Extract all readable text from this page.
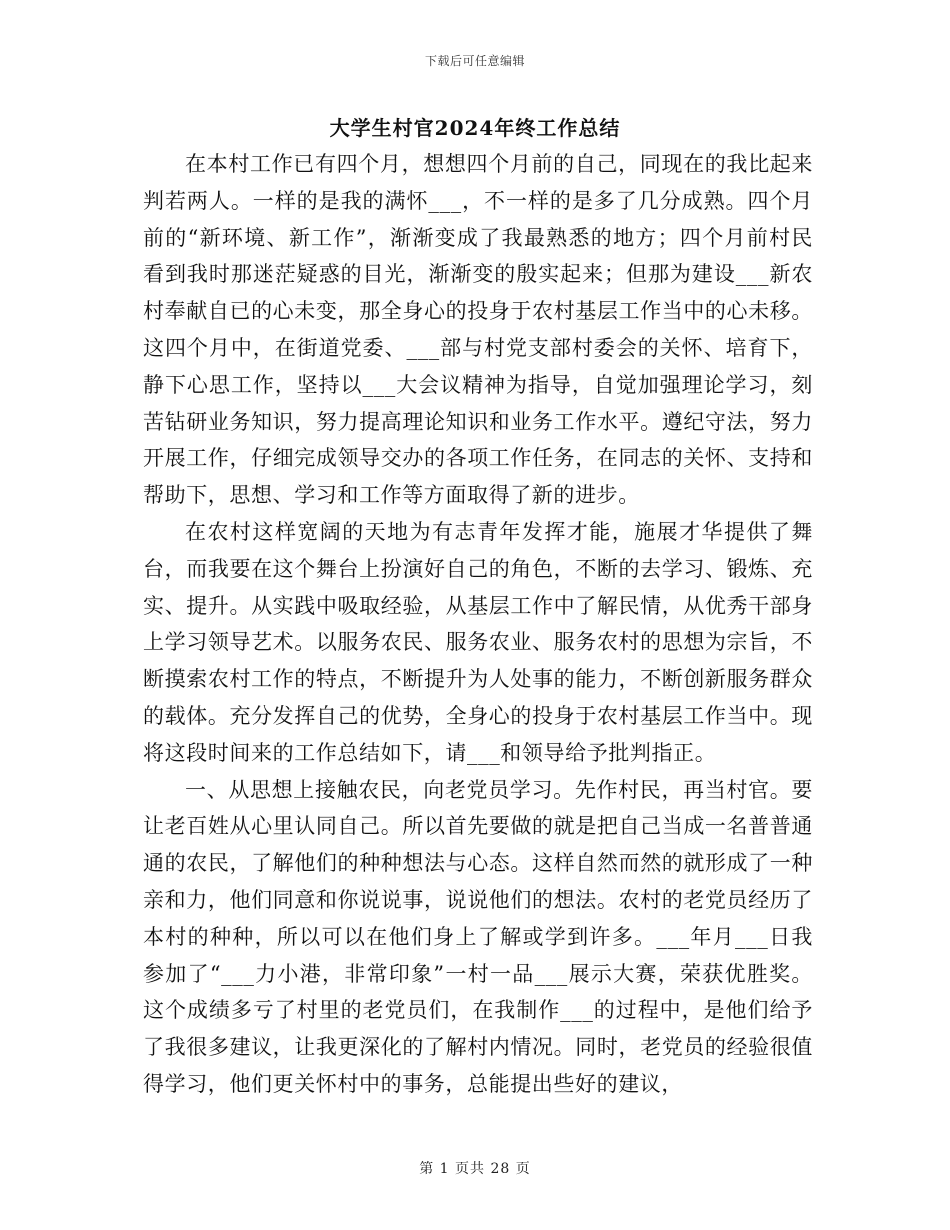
下载后可任意编辑
大学生村官2024年终工作总结

在本村工作已有四个月，想想四个月前的自己，同现在的我比起来判若两人。一样的是我的满怀___，不一样的是多了几分成熟。四个月前的“新环境、新工作”，渐渐变成了我最熟悉的地方；四个月前村民看到我时那迷茫疑惑的目光，渐渐变的殷实起来；但那为建设___新农村奉献自已的心未变，那全身心的投身于农村基层工作当中的心未移。这四个月中，在街道党委、___部与村党支部村委会的关怀、培育下，静下心思工作，坚持以___大会议精神为指导，自觉加强理论学习，刻苦钻研业务知识，努力提高理论知识和业务工作水平。遵纪守法，努力开展工作，仔细完成领导交办的各项工作任务，在同志的关怀、支持和帮助下，思想、学习和工作等方面取得了新的进步。

在农村这样宽阔的天地为有志青年发挥才能，施展才华提供了舞台，而我要在这个舞台上扮演好自己的角色，不断的去学习、锻炼、充实、提升。从实践中吸取经验，从基层工作中了解民情，从优秀干部身上学习领导艺术。以服务农民、服务农业、服务农村的思想为宗旨，不断摸索农村工作的特点，不断提升为人处事的能力，不断创新服务群众的载体。充分发挥自己的优势，全身心的投身于农村基层工作当中。现将这段时间来的工作总结如下，请___和领导给予批判指正。

一、从思想上接触农民，向老党员学习。先作村民，再当村官。要让老百姓从心里认同自己。所以首先要做的就是把自己当成一名普普通通的农民，了解他们的种种想法与心态。这样自然而然的就形成了一种亲和力，他们同意和你说说事，说说他们的想法。农村的老党员经历了本村的种种，所以可以在他们身上了解或学到许多。___年月___日我参加了“___力小港，非常印象”一村一品___展示大赛，荣获优胜奖。这个成绩多亏了村里的老党员们，在我制作___的过程中，是他们给予了我很多建议，让我更深化的了解村内情况。同时，老党员的经验很值得学习，他们更关怀村中的事务，总能提出些好的建议，

第 1 页共 28 页
